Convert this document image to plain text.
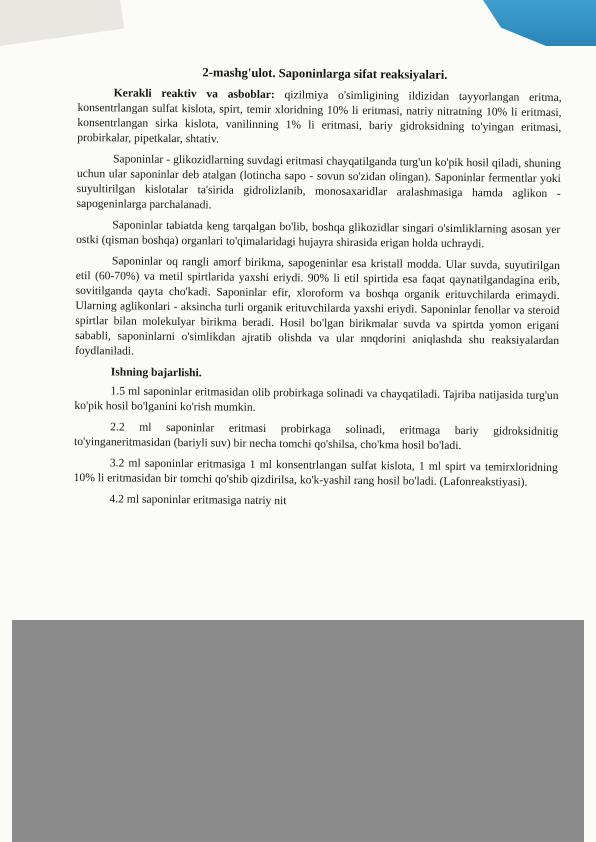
2-mashg'ulot. Saponinlarga sifat reaksiyalari.

Kerakli reaktiv va asboblar: qizilmiya o'simligining ildizidan tayyorlangan eritma, konsentrlangan sulfat kislota, spirt, temir xloridning 10% li eritmasi, natriy nitratning 10% li eritmasi, konsentrlangan sirka kislota, vanilinning 1% li eritmasi, bariy gidroksidning to'yingan eritmasi, probirkalar, pipetkalar, shtativ.

Saponinlar - glikozidlarning suvdagi eritmasi chayqatilganda turg'un ko'pik hosil qiladi, shuning uchun ular saponinlar deb atalgan (lotincha sapo - sovun so'zidan olingan). Saponinlar fermentlar yoki suyultirilgan kislotalar ta'sirida gidrolizlanib, monosaxaridlar aralashmasiga hamda aglikon - sapogeninlarga parchalanadi.

Saponinlar tabiatda keng tarqalgan bo'lib, boshqa glikozidlar singari o'simliklarning asosan yer ostki (qisman boshqa) organlari to'qimalaridagi hujayra shirasida erigan holda uchraydi.

Saponinlar oq rangli amorf birikma, sapogeninlar esa kristall modda. Ular suvda, suyutirilgan etil (60-70%) va metil spirtlarida yaxshi eriydi. 90% li etil spirtida esa faqat qaynatilgandagina erib, sovitilganda qayta cho'kadi. Saponinlar efir, xloroform va boshqa organik erituvchilarda erimaydi. Ularning aglikonlari - aksincha turli organik erituvchilarda yaxshi eriydi. Saponinlar fenollar va steroid spirtlar bilan molekulyar birikma beradi. Hosil bo'lgan birikmalar suvda va spirtda yomon erigani sababli, saponinlarni o'simlikdan ajratib olishda va ular nnqdorini aniqlashda shu reaksiyalardan foydlaniladi.

Ishning bajarlishi.

1.5 ml saponinlar eritmasidan olib probirkaga solinadi va chayqatiladi. Tajriba natijasida turg'un ko'pik hosil bo'lganini ko'rish mumkin.

2.2 ml saponinlar eritmasi probirkaga solinadi, eritmaga bariy gidroksidnitig to'yinganeritmasidan (bariyli suv) bir necha tomchi qo'shilsa, cho'kma hosil bo'ladi.

3.2 ml saponinlar eritmasiga 1 ml konsentrlangan sulfat kislota, 1 ml spirt va temirxloridning 10% li eritmasidan bir tomchi qo'shib qizdirilsa, ko'k-yashil rang hosil bo'ladi. (Lafonreakstiyasi).

4.2 ml saponinlar eritmasiga natriy nit
